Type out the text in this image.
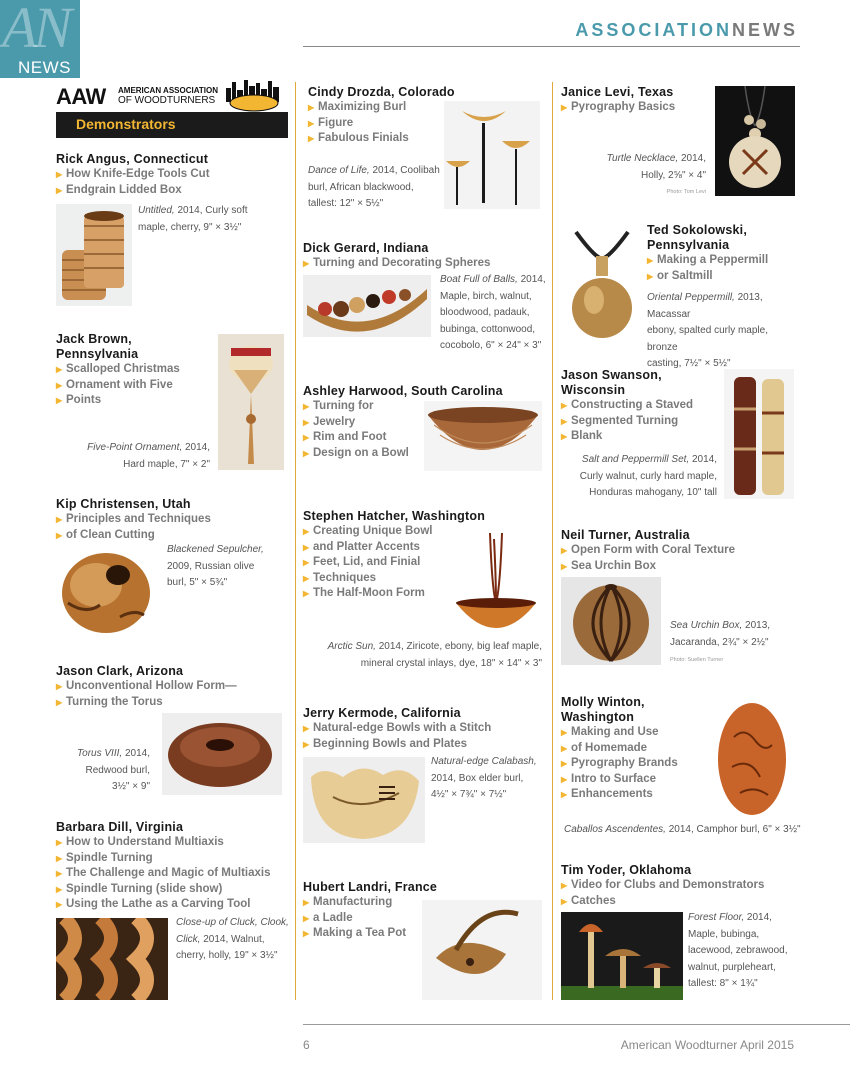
AN
NEWS
ASSOCIATIONNEWS
AAW AMERICAN ASSOCIATION
OF WOODTURNERS
Demonstrators
Rick Angus, Connecticut
▶ How Knife-Edge Tools Cut
▶ Endgrain Lidded Box
Untitled, 2014, Curly soft
maple, cherry, 9" × 3½"
Jack Brown,
Pennsylvania
▶ Scalloped Christmas
▶ Ornament with Five
▶ Points
Five-Point Ornament, 2014,
Hard maple, 7" × 2"
Kip Christensen, Utah
▶ Principles and Techniques
▶ of Clean Cutting
Blackened Sepulcher,
2009, Russian olive
burl, 5" × 5¾"
Jason Clark, Arizona
▶ Unconventional Hollow Form—
▶ Turning the Torus
Torus VIII, 2014,
Redwood burl,
3½" × 9"
Barbara Dill, Virginia
▶ How to Understand Multiaxis
▶ Spindle Turning
▶ The Challenge and Magic of Multiaxis
▶ Spindle Turning (slide show)
▶ Using the Lathe as a Carving Tool
Close-up of Cluck, Clook,
Click, 2014, Walnut,
cherry, holly, 19" × 3½"
Cindy Drozda, Colorado
▶ Maximizing Burl
▶ Figure
▶ Fabulous Finials
Dance of Life, 2014, Coolibah
burl, African blackwood,
tallest: 12" × 5½"
Dick Gerard, Indiana
▶ Turning and Decorating Spheres
Boat Full of Balls, 2014,
Maple, birch, walnut,
bloodwood, padauk,
bubinga, cottonwood,
cocobolo, 6" × 24" × 3"
Ashley Harwood, South Carolina
▶ Turning for
▶ Jewelry
▶ Rim and Foot
▶ Design on a Bowl
Stephen Hatcher, Washington
▶ Creating Unique Bowl
▶ and Platter Accents
▶ Feet, Lid, and Finial
▶ Techniques
▶ The Half-Moon Form
Arctic Sun, 2014, Ziricote, ebony, big leaf maple,
mineral crystal inlays, dye, 18" × 14" × 3"
Jerry Kermode, California
▶ Natural-edge Bowls with a Stitch
▶ Beginning Bowls and Plates
Natural-edge Calabash,
2014, Box elder burl,
4½" × 7¾" × 7½"
Hubert Landri, France
▶ Manufacturing
▶ a Ladle
▶ Making a Tea Pot
Janice Levi, Texas
▶ Pyrography Basics
Turtle Necklace, 2014,
Holly, 2⅝" × 4"
Photo: Tom Levi
Ted Sokolowski,
Pennsylvania
▶ Making a Peppermill
▶ or Saltmill
Oriental Peppermill, 2013, Macassar
ebony, spalted curly maple, bronze
casting, 7½" × 5½"
Jason Swanson,
Wisconsin
▶ Constructing a Staved
▶ Segmented Turning
▶ Blank
Salt and Peppermill Set, 2014,
Curly walnut, curly hard maple,
Honduras mahogany, 10" tall
Neil Turner, Australia
▶ Open Form with Coral Texture
▶ Sea Urchin Box
Sea Urchin Box, 2013,
Jacaranda, 2¾" × 2½"
Photo: Suellen Turner
Molly Winton,
Washington
▶ Making and Use
▶ of Homemade
▶ Pyrography Brands
▶ Intro to Surface
▶ Enhancements
Caballos Ascendentes, 2014, Camphor burl, 6" × 3½"
Tim Yoder, Oklahoma
▶ Video for Clubs and Demonstrators
▶ Catches
Forest Floor, 2014,
Maple, bubinga,
lacewood, zebrawood,
walnut, purpleheart,
tallest: 8" × 1¾"
6	American Woodturner April 2015
